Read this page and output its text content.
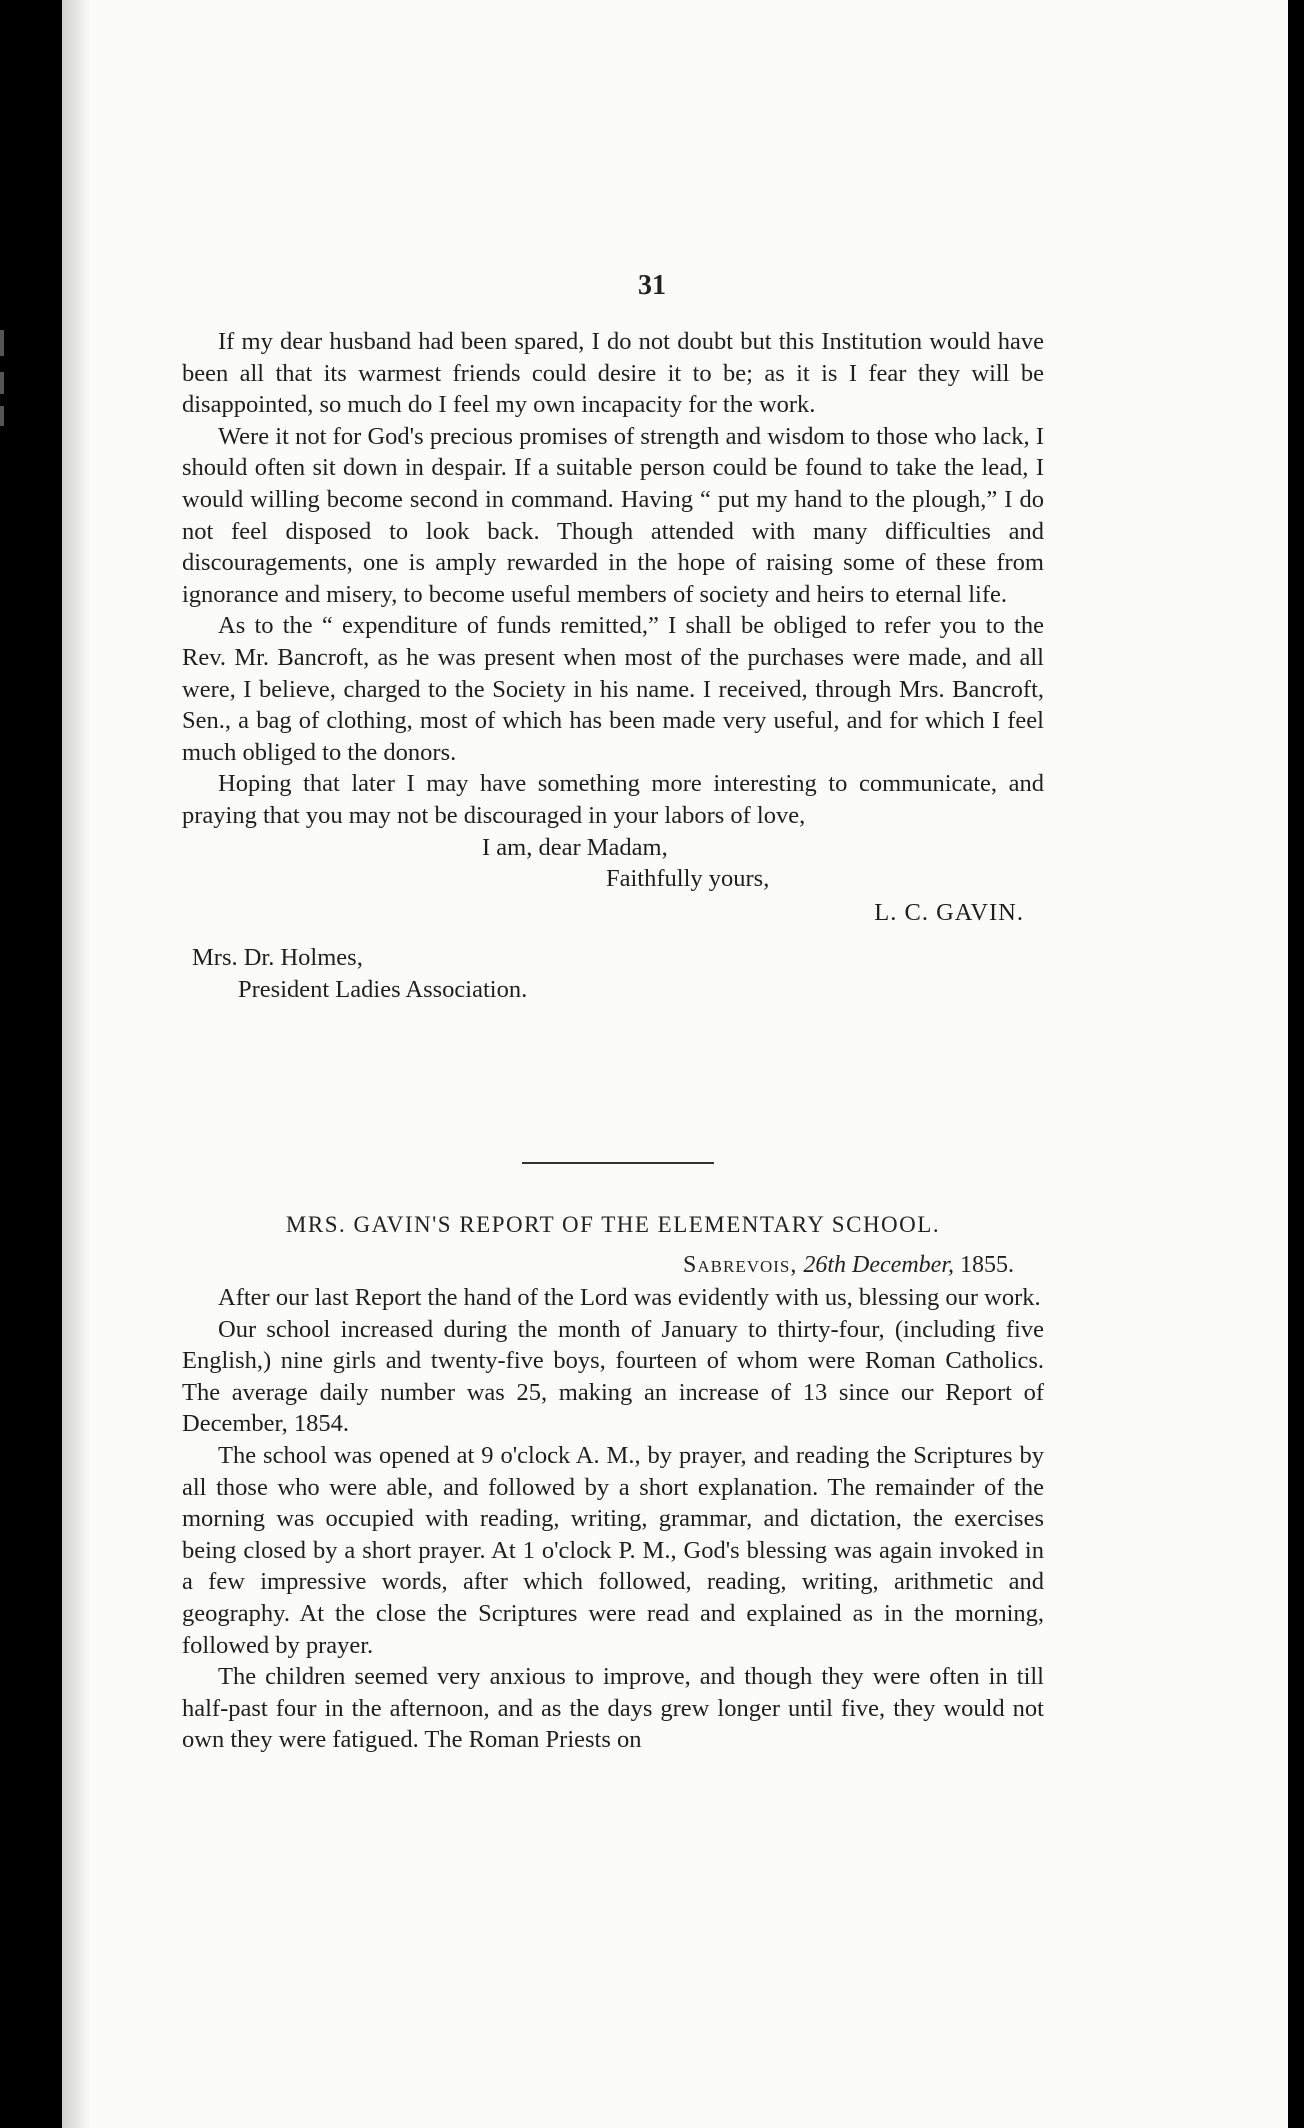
31

If my dear husband had been spared, I do not doubt but this Institution would have been all that its warmest friends could desire it to be; as it is I fear they will be disappointed, so much do I feel my own incapacity for the work.

Were it not for God's precious promises of strength and wisdom to those who lack, I should often sit down in despair. If a suitable person could be found to take the lead, I would willing become second in command. Having “ put my hand to the plough,” I do not feel disposed to look back. Though attended with many difficulties and discouragements, one is amply rewarded in the hope of raising some of these from ignorance and misery, to become useful members of society and heirs to eternal life.

As to the “ expenditure of funds remitted,” I shall be obliged to refer you to the Rev. Mr. Bancroft, as he was present when most of the purchases were made, and all were, I believe, charged to the Society in his name. I received, through Mrs. Bancroft, Sen., a bag of clothing, most of which has been made very useful, and for which I feel much obliged to the donors.

Hoping that later I may have something more interesting to communicate, and praying that you may not be discouraged in your labors of love,

I am, dear Madam,

Faithfully yours,

L. C. GAVIN.

Mrs. Dr. Holmes,

President Ladies Association.

MRS. GAVIN'S REPORT OF THE ELEMENTARY SCHOOL.
Sabrevois, 26th December, 1855.

After our last Report the hand of the Lord was evidently with us, blessing our work.

Our school increased during the month of January to thirty-four, (including five English,) nine girls and twenty-five boys, fourteen of whom were Roman Catholics. The average daily number was 25, making an increase of 13 since our Report of December, 1854.

The school was opened at 9 o'clock A. M., by prayer, and reading the Scriptures by all those who were able, and followed by a short explanation. The remainder of the morning was occupied with reading, writing, grammar, and dictation, the exercises being closed by a short prayer. At 1 o'clock P. M., God's blessing was again invoked in a few impressive words, after which followed, reading, writing, arithmetic and geography. At the close the Scriptures were read and explained as in the morning, followed by prayer.

The children seemed very anxious to improve, and though they were often in till half-past four in the afternoon, and as the days grew longer until five, they would not own they were fatigued. The Roman Priests on
